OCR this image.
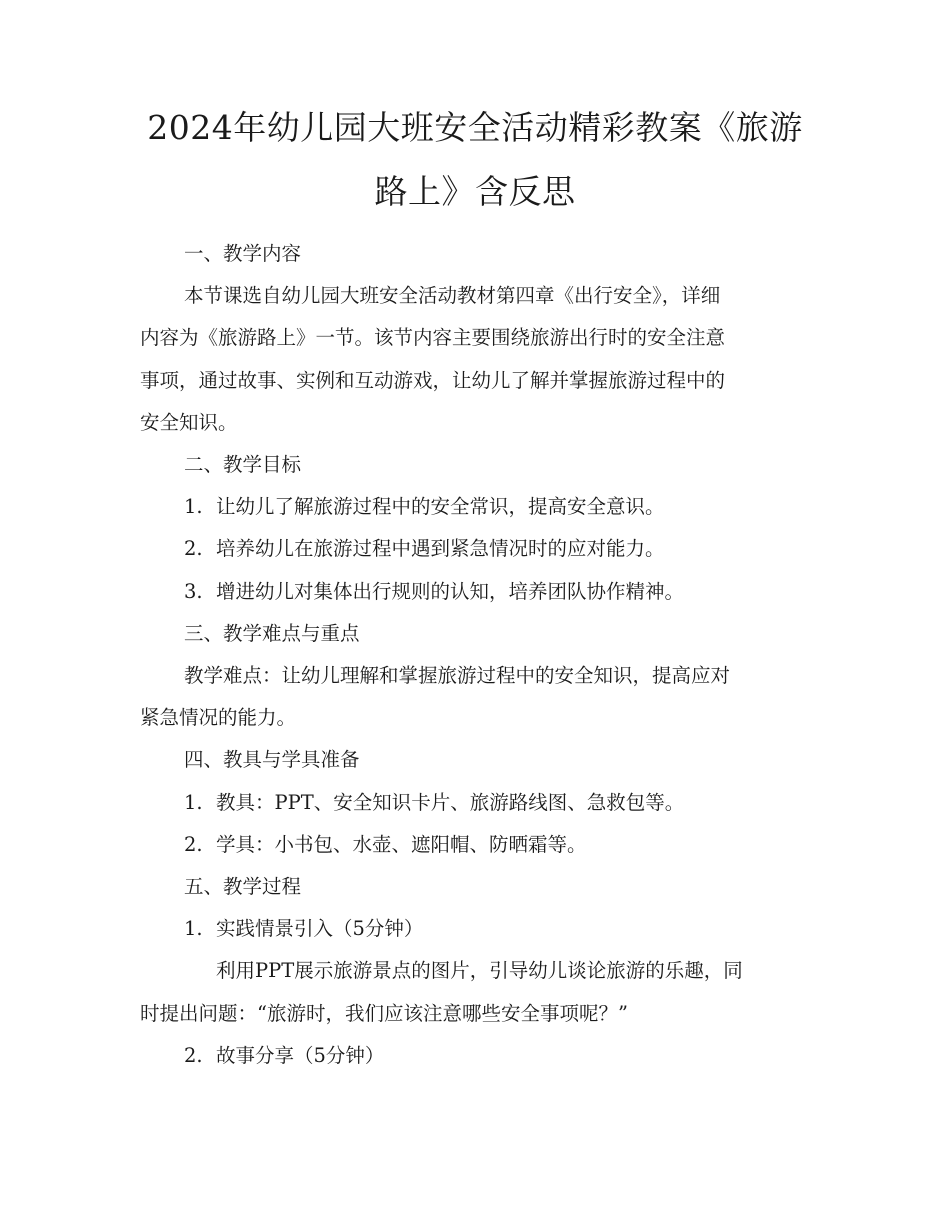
2024年幼儿园大班安全活动精彩教案《旅游
路上》含反思

一、教学内容

本节课选自幼儿园大班安全活动教材第四章《出行安全》，详细
内容为《旅游路上》一节。该节内容主要围绕旅游出行时的安全注意
事项，通过故事、实例和互动游戏，让幼儿了解并掌握旅游过程中的
安全知识。

二、教学目标

1. 让幼儿了解旅游过程中的安全常识，提高安全意识。

2. 培养幼儿在旅游过程中遇到紧急情况时的应对能力。

3. 增进幼儿对集体出行规则的认知，培养团队协作精神。

三、教学难点与重点

教学难点：让幼儿理解和掌握旅游过程中的安全知识，提高应对
紧急情况的能力。

四、教具与学具准备

1. 教具：PPT、安全知识卡片、旅游路线图、急救包等。

2. 学具：小书包、水壶、遮阳帽、防晒霜等。

五、教学过程

1. 实践情景引入（5分钟）

利用PPT展示旅游景点的图片，引导幼儿谈论旅游的乐趣，同
时提出问题：“旅游时，我们应该注意哪些安全事项呢？”

2. 故事分享（5分钟）
